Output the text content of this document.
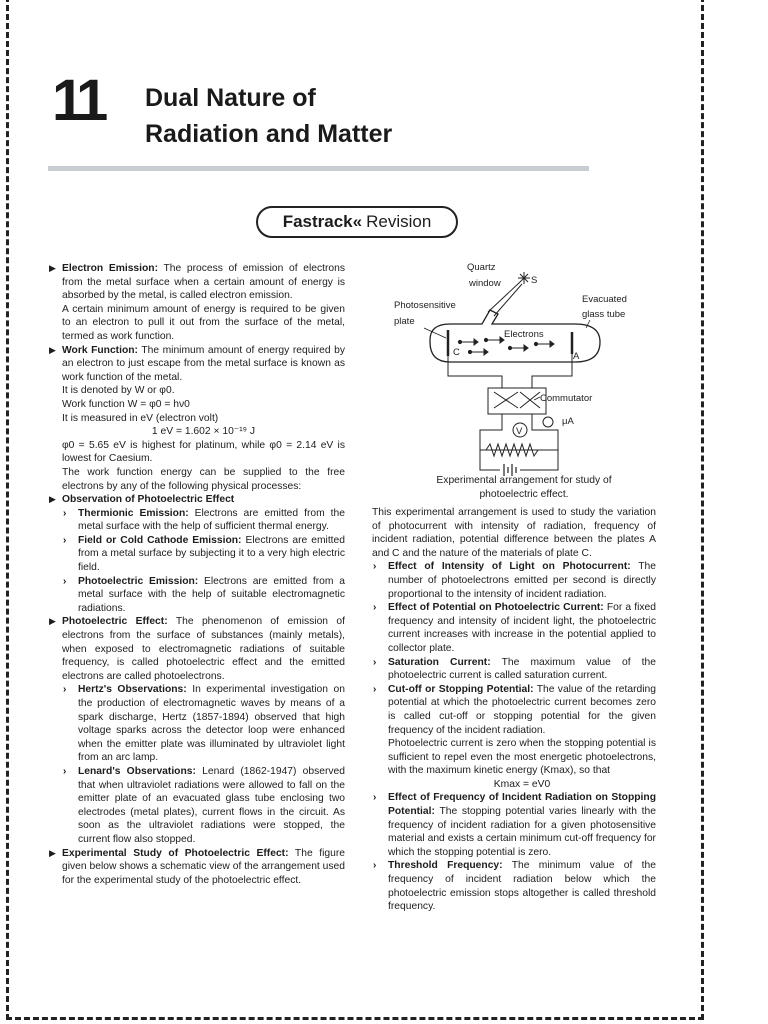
11 Dual Nature of
Radiation and Matter
Fastrack« Revision
▶ Electron Emission: The process of emission of electrons from the metal surface when a certain amount of energy is absorbed by the metal, is called electron emission.
A certain minimum amount of energy is required to be given to an electron to pull it out from the surface of the metal, termed as work function.
▶ Work Function: The minimum amount of energy required by an electron to just escape from the metal surface is known as work function of the metal.
It is denoted by W or φ0.
Work function W = φ0 = hν0
It is measured in eV (electron volt)
1 eV = 1.602 × 10⁻¹⁹ J
φ0 = 5.65 eV is highest for platinum, while φ0 = 2.14 eV is lowest for Caesium.
The work function energy can be supplied to the free electrons by any of the following physical processes:
▶ Observation of Photoelectric Effect
› Thermionic Emission: Electrons are emitted from the metal surface with the help of sufficient thermal energy.
› Field or Cold Cathode Emission: Electrons are emitted from a metal surface by subjecting it to a very high electric field.
› Photoelectric Emission: Electrons are emitted from a metal surface with the help of suitable electromagnetic radiations.
▶ Photoelectric Effect: The phenomenon of emission of electrons from the surface of substances (mainly metals), when exposed to electromagnetic radiations of suitable frequency, is called photoelectric effect and the emitted electrons are called photoelectrons.
› Hertz's Observations: In experimental investigation on the production of electromagnetic waves by means of a spark discharge, Hertz (1857-1894) observed that high voltage sparks across the detector loop were enhanced when the emitter plate was illuminated by ultraviolet light from an arc lamp.
› Lenard's Observations: Lenard (1862-1947) observed that when ultraviolet radiations were allowed to fall on the emitter plate of an evacuated glass tube enclosing two electrodes (metal plates), current flows in the circuit. As soon as the ultraviolet radiations were stopped, the current flow also stopped.
▶ Experimental Study of Photoelectric Effect: The figure given below shows a schematic view of the arrangement used for the experimental study of the photoelectric effect.
Quartz
window	S
Photosensitive
plate
Evacuated
glass tube
Electrons
C	A
Commutator
μA
V
Experimental arrangement for study of
photoelectric effect.
This experimental arrangement is used to study the variation of photocurrent with intensity of radiation, frequency of incident radiation, potential difference between the plates A and C and the nature of the materials of plate C.
› Effect of Intensity of Light on Photocurrent: The number of photoelectrons emitted per second is directly proportional to the intensity of incident radiation.
› Effect of Potential on Photoelectric Current: For a fixed frequency and intensity of incident light, the photoelectric current increases with increase in the potential applied to collector plate.
› Saturation Current: The maximum value of the photoelectric current is called saturation current.
› Cut-off or Stopping Potential: The value of the retarding potential at which the photoelectric current becomes zero is called cut-off or stopping potential for the given frequency of the incident radiation.
Photoelectric current is zero when the stopping potential is sufficient to repel even the most energetic photoelectrons, with the maximum kinetic energy (Kmax), so that
Kmax = eV0
› Effect of Frequency of Incident Radiation on Stopping Potential: The stopping potential varies linearly with the frequency of incident radiation for a given photosensitive material and exists a certain minimum cut-off frequency for which the stopping potential is zero.
› Threshold Frequency: The minimum value of the frequency of incident radiation below which the photoelectric emission stops altogether is called threshold frequency.
